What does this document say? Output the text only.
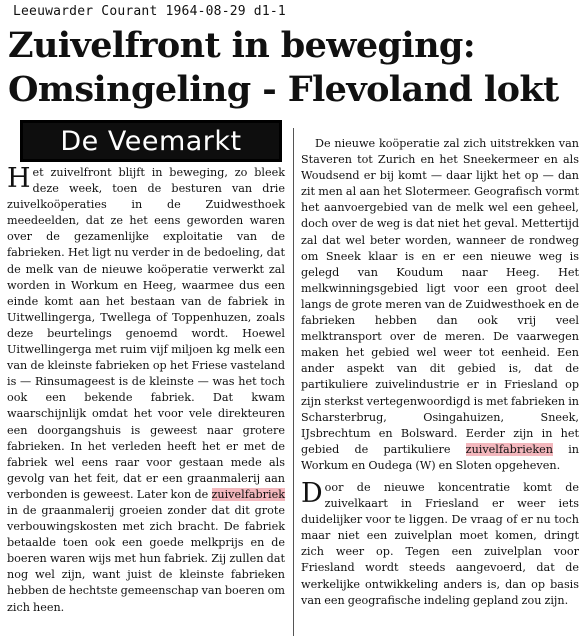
Leeuwarder Courant 1964-08-29 d1-1
Zuivelfront in beweging:
Omsingeling - Flevoland lokt
De Veemarkt

Het zuivelfront blijft in beweging, zo bleek deze week, toen de besturen van drie zuivelkoöperaties in de Zuidwesthoek meedeelden, dat ze het eens geworden waren over de gezamenlijke exploitatie van de fabrieken. Het ligt nu verder in de bedoeling, dat de melk van de nieuwe koöperatie verwerkt zal worden in Workum en Heeg, waarmee dus een einde komt aan het bestaan van de fabriek in Uitwellingerga, Twellega of Toppenhuzen, zoals deze beurtelings genoemd wordt. Hoewel Uitwellingerga met ruim vijf miljoen kg melk een van de kleinste fabrieken op het Friese vasteland is — Rinsumageest is de kleinste — was het toch ook een bekende fabriek. Dat kwam waarschijnlijk omdat het voor vele direkteuren een doorgangshuis is geweest naar grotere fabrieken. In het verleden heeft het er met de fabriek wel eens raar voor gestaan mede als gevolg van het feit, dat er een graanmalerij aan verbonden is geweest. Later kon de zuivelfabriek in de graanmalerij groeien zonder dat dit grote verbouwingskosten met zich bracht. De fabriek betaalde toen ook een goede melkprijs en de boeren waren wijs met hun fabriek. Zij zullen dat nog wel zijn, want juist de kleinste fabrieken hebben de hechtste gemeenschap van boeren om zich heen.

De nieuwe koöperatie zal zich uitstrekken van Staveren tot Zurich en het Sneekermeer en als Woudsend er bij komt — daar lijkt het op — dan zit men al aan het Slotermeer. Geografisch vormt het aanvoergebied van de melk wel een geheel, doch over de weg is dat niet het geval. Mettertijd zal dat wel beter worden, wanneer de rondweg om Sneek klaar is en er een nieuwe weg is gelegd van Koudum naar Heeg. Het melkwinningsgebied ligt voor een groot deel langs de grote meren van de Zuidwesthoek en de fabrieken hebben dan ook vrij veel melktransport over de meren. De vaarwegen maken het gebied wel weer tot eenheid. Een ander aspekt van dit gebied is, dat de partikuliere zuivelindustrie er in Friesland op zijn sterkst vertegenwoordigd is met fabrieken in Scharsterbrug, Osingahuizen, Sneek, IJsbrechtum en Bolsward. Eerder zijn in het gebied de partikuliere zuivelfabrieken in Workum en Oudega (W) en Sloten opgeheven.

Door de nieuwe koncentratie komt de zuivelkaart in Friesland er weer iets duidelijker voor te liggen. De vraag of er nu toch maar niet een zuivelplan moet komen, dringt zich weer op. Tegen een zuivelplan voor Friesland wordt steeds aangevoerd, dat de werkelijke ontwikkeling anders is, dan op basis van een geografische indeling gepland zou zijn.
